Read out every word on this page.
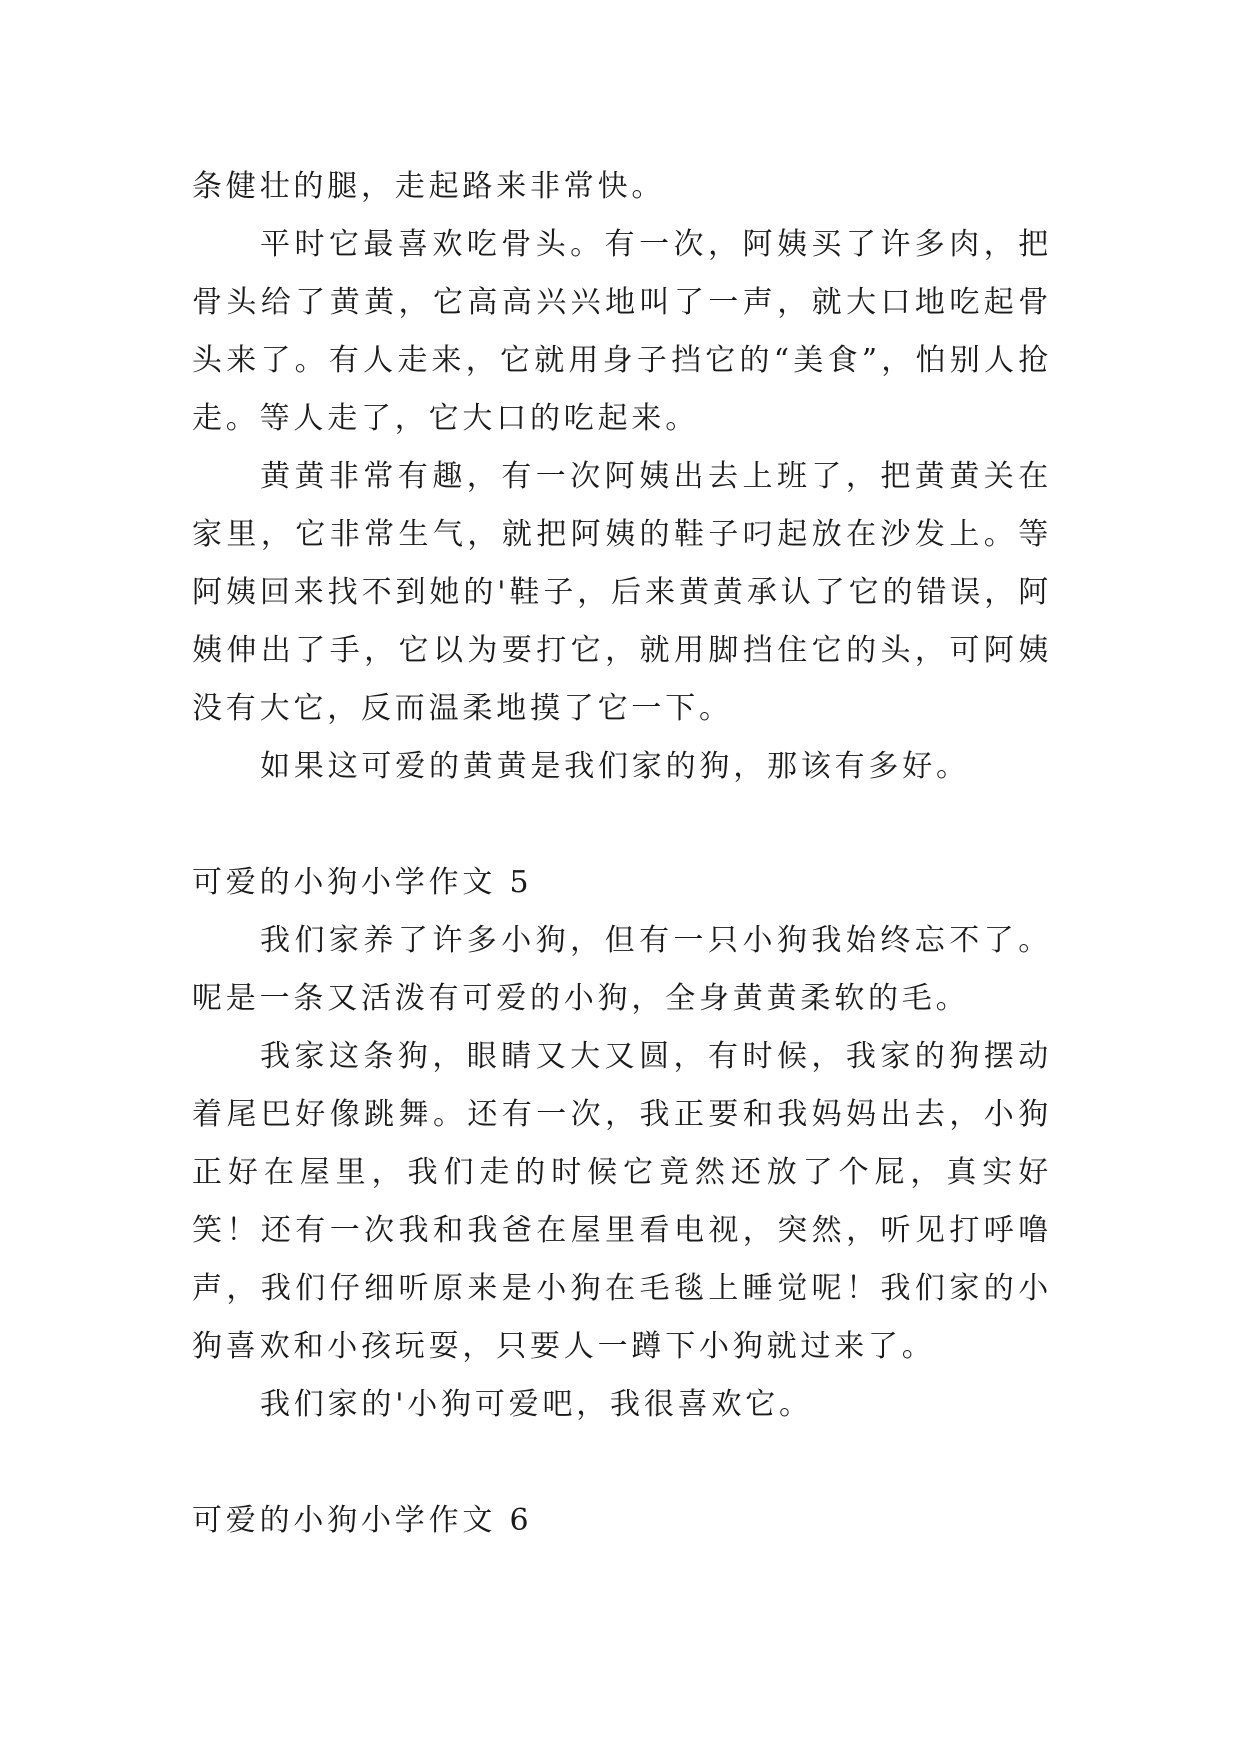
条健壮的腿，走起路来非常快。

平时它最喜欢吃骨头。有一次，阿姨买了许多肉，把骨头给了黄黄，它高高兴兴地叫了一声，就大口地吃起骨头来了。有人走来，它就用身子挡它的“美食”，怕别人抢走。等人走了，它大口的吃起来。

黄黄非常有趣，有一次阿姨出去上班了，把黄黄关在家里，它非常生气，就把阿姨的鞋子叼起放在沙发上。等阿姨回来找不到她的'鞋子，后来黄黄承认了它的错误，阿姨伸出了手，它以为要打它，就用脚挡住它的头，可阿姨没有大它，反而温柔地摸了它一下。

如果这可爱的黄黄是我们家的狗，那该有多好。

可爱的小狗小学作文 5

我们家养了许多小狗，但有一只小狗我始终忘不了。呢是一条又活泼有可爱的小狗，全身黄黄柔软的毛。

我家这条狗，眼睛又大又圆，有时候，我家的狗摆动着尾巴好像跳舞。还有一次，我正要和我妈妈出去，小狗正好在屋里，我们走的时候它竟然还放了个屁，真实好笑！还有一次我和我爸在屋里看电视，突然，听见打呼噜声，我们仔细听原来是小狗在毛毯上睡觉呢！我们家的小狗喜欢和小孩玩耍，只要人一蹲下小狗就过来了。

我们家的'小狗可爱吧，我很喜欢它。

可爱的小狗小学作文 6
